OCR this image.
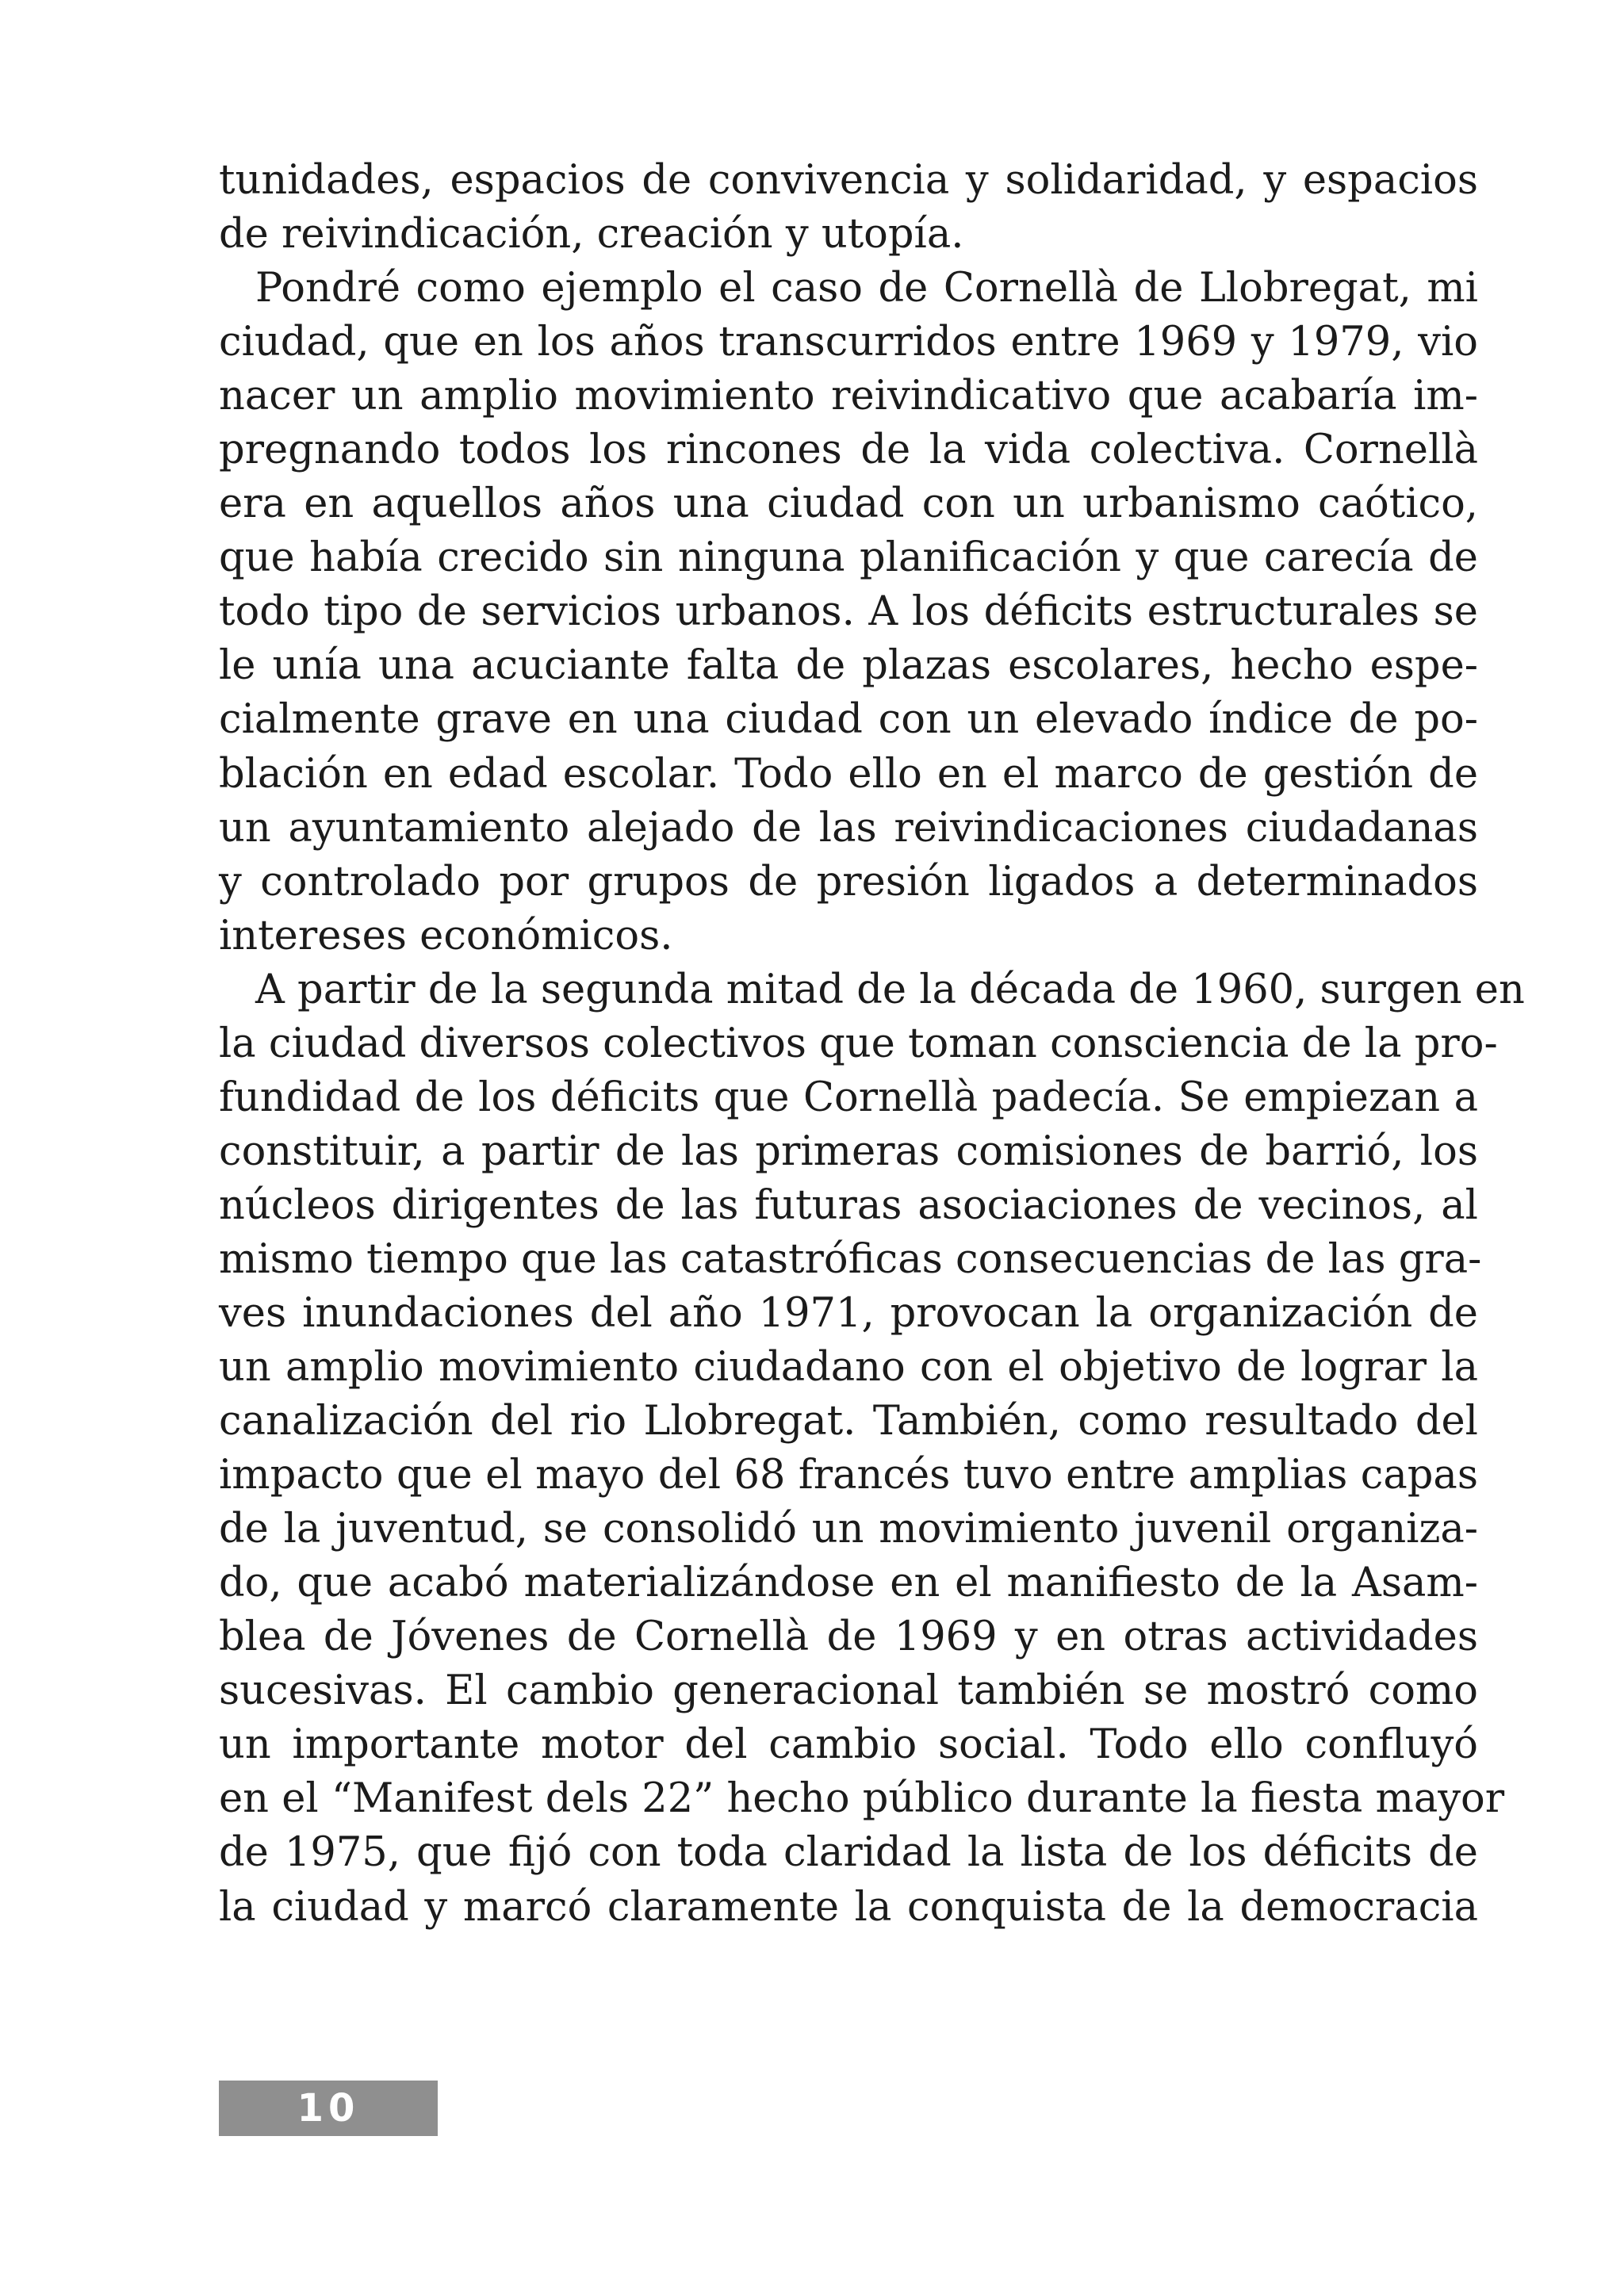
tunidades, espacios de convivencia y solidaridad, y espacios
de reivindicación, creación y utopía.
Pondré como ejemplo el caso de Cornellà de Llobregat, mi
ciudad, que en los años transcurridos entre 1969 y 1979, vio
nacer un amplio movimiento reivindicativo que acabaría im-
pregnando todos los rincones de la vida colectiva. Cornellà
era en aquellos años una ciudad con un urbanismo caótico,
que había crecido sin ninguna planificación y que carecía de
todo tipo de servicios urbanos. A los déficits estructurales se
le unía una acuciante falta de plazas escolares, hecho espe-
cialmente grave en una ciudad con un elevado índice de po-
blación en edad escolar. Todo ello en el marco de gestión de
un ayuntamiento alejado de las reivindicaciones ciudadanas
y controlado por grupos de presión ligados a determinados
intereses económicos.
A partir de la segunda mitad de la década de 1960, surgen en
la ciudad diversos colectivos que toman consciencia de la pro-
fundidad de los déficits que Cornellà padecía. Se empiezan a
constituir, a partir de las primeras comisiones de barrió, los
núcleos dirigentes de las futuras asociaciones de vecinos, al
mismo tiempo que las catastróficas consecuencias de las gra-
ves inundaciones del año 1971, provocan la organización de
un amplio movimiento ciudadano con el objetivo de lograr la
canalización del rio Llobregat. También, como resultado del
impacto que el mayo del 68 francés tuvo entre amplias capas
de la juventud, se consolidó un movimiento juvenil organiza-
do, que acabó materializándose en el manifiesto de la Asam-
blea de Jóvenes de Cornellà de 1969 y en otras actividades
sucesivas. El cambio generacional también se mostró como
un importante motor del cambio social. Todo ello confluyó
en el “Manifest dels 22” hecho público durante la fiesta mayor
de 1975, que fijó con toda claridad la lista de los déficits de
la ciudad y marcó claramente la conquista de la democracia
10
